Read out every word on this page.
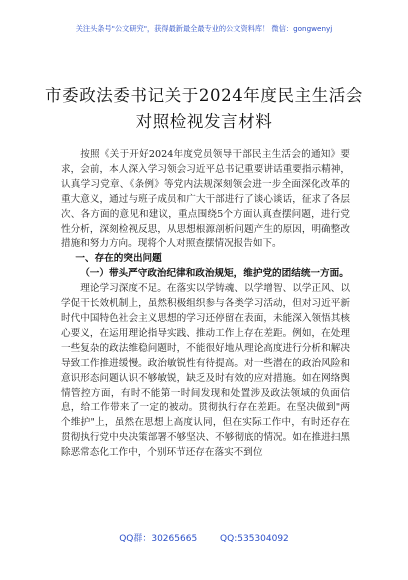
关注头条号"公文研究"，获得最新最全最专业的公文资料库！ 微信：gongwenyj
市委政法委书记关于2024年度民主生活会
对照检视发言材料

按照《关于开好2024年度党员领导干部民主生活会的通知》要求，会前，本人深入学习领会习近平总书记重要讲话重要指示精神，认真学习党章、《条例》等党内法规深刻领会进一步全面深化改革的重大意义，通过与班子成员和广大干部进行了谈心谈话，征求了各层次、各方面的意见和建议，重点围绕5个方面认真查摆问题，进行党性分析，深刻检视反思，从思想根源剖析问题产生的原因，明确整改措施和努力方向。现将个人对照查摆情况报告如下。

一、存在的突出问题

（一）带头严守政治纪律和政治规矩，维护党的团结统一方面。

理论学习深度不足。在落实以学铸魂、以学增智、以学正风、以学促干长效机制上，虽然积极组织参与各类学习活动，但对习近平新时代中国特色社会主义思想的学习还停留在表面，未能深入领悟其核心要义，在运用理论指导实践、推动工作上存在差距。例如，在处理一些复杂的政法维稳问题时，不能很好地从理论高度进行分析和解决导致工作推进缓慢。政治敏锐性有待提高。对一些潜在的政治风险和意识形态问题认识不够敏锐，缺乏及时有效的应对措施。如在网络舆情管控方面，有时不能第一时间发现和处置涉及政法领域的负面信息，给工作带来了一定的被动。贯彻执行存在差距。在坚决做到"两个维护"上，虽然在思想上高度认同，但在实际工作中，有时还存在贯彻执行党中央决策部署不够坚决、不够彻底的情况。如在推进扫黑除恶常态化工作中，个别环节还存在落实不到位

QQ群：30265665	QQ:535304092
